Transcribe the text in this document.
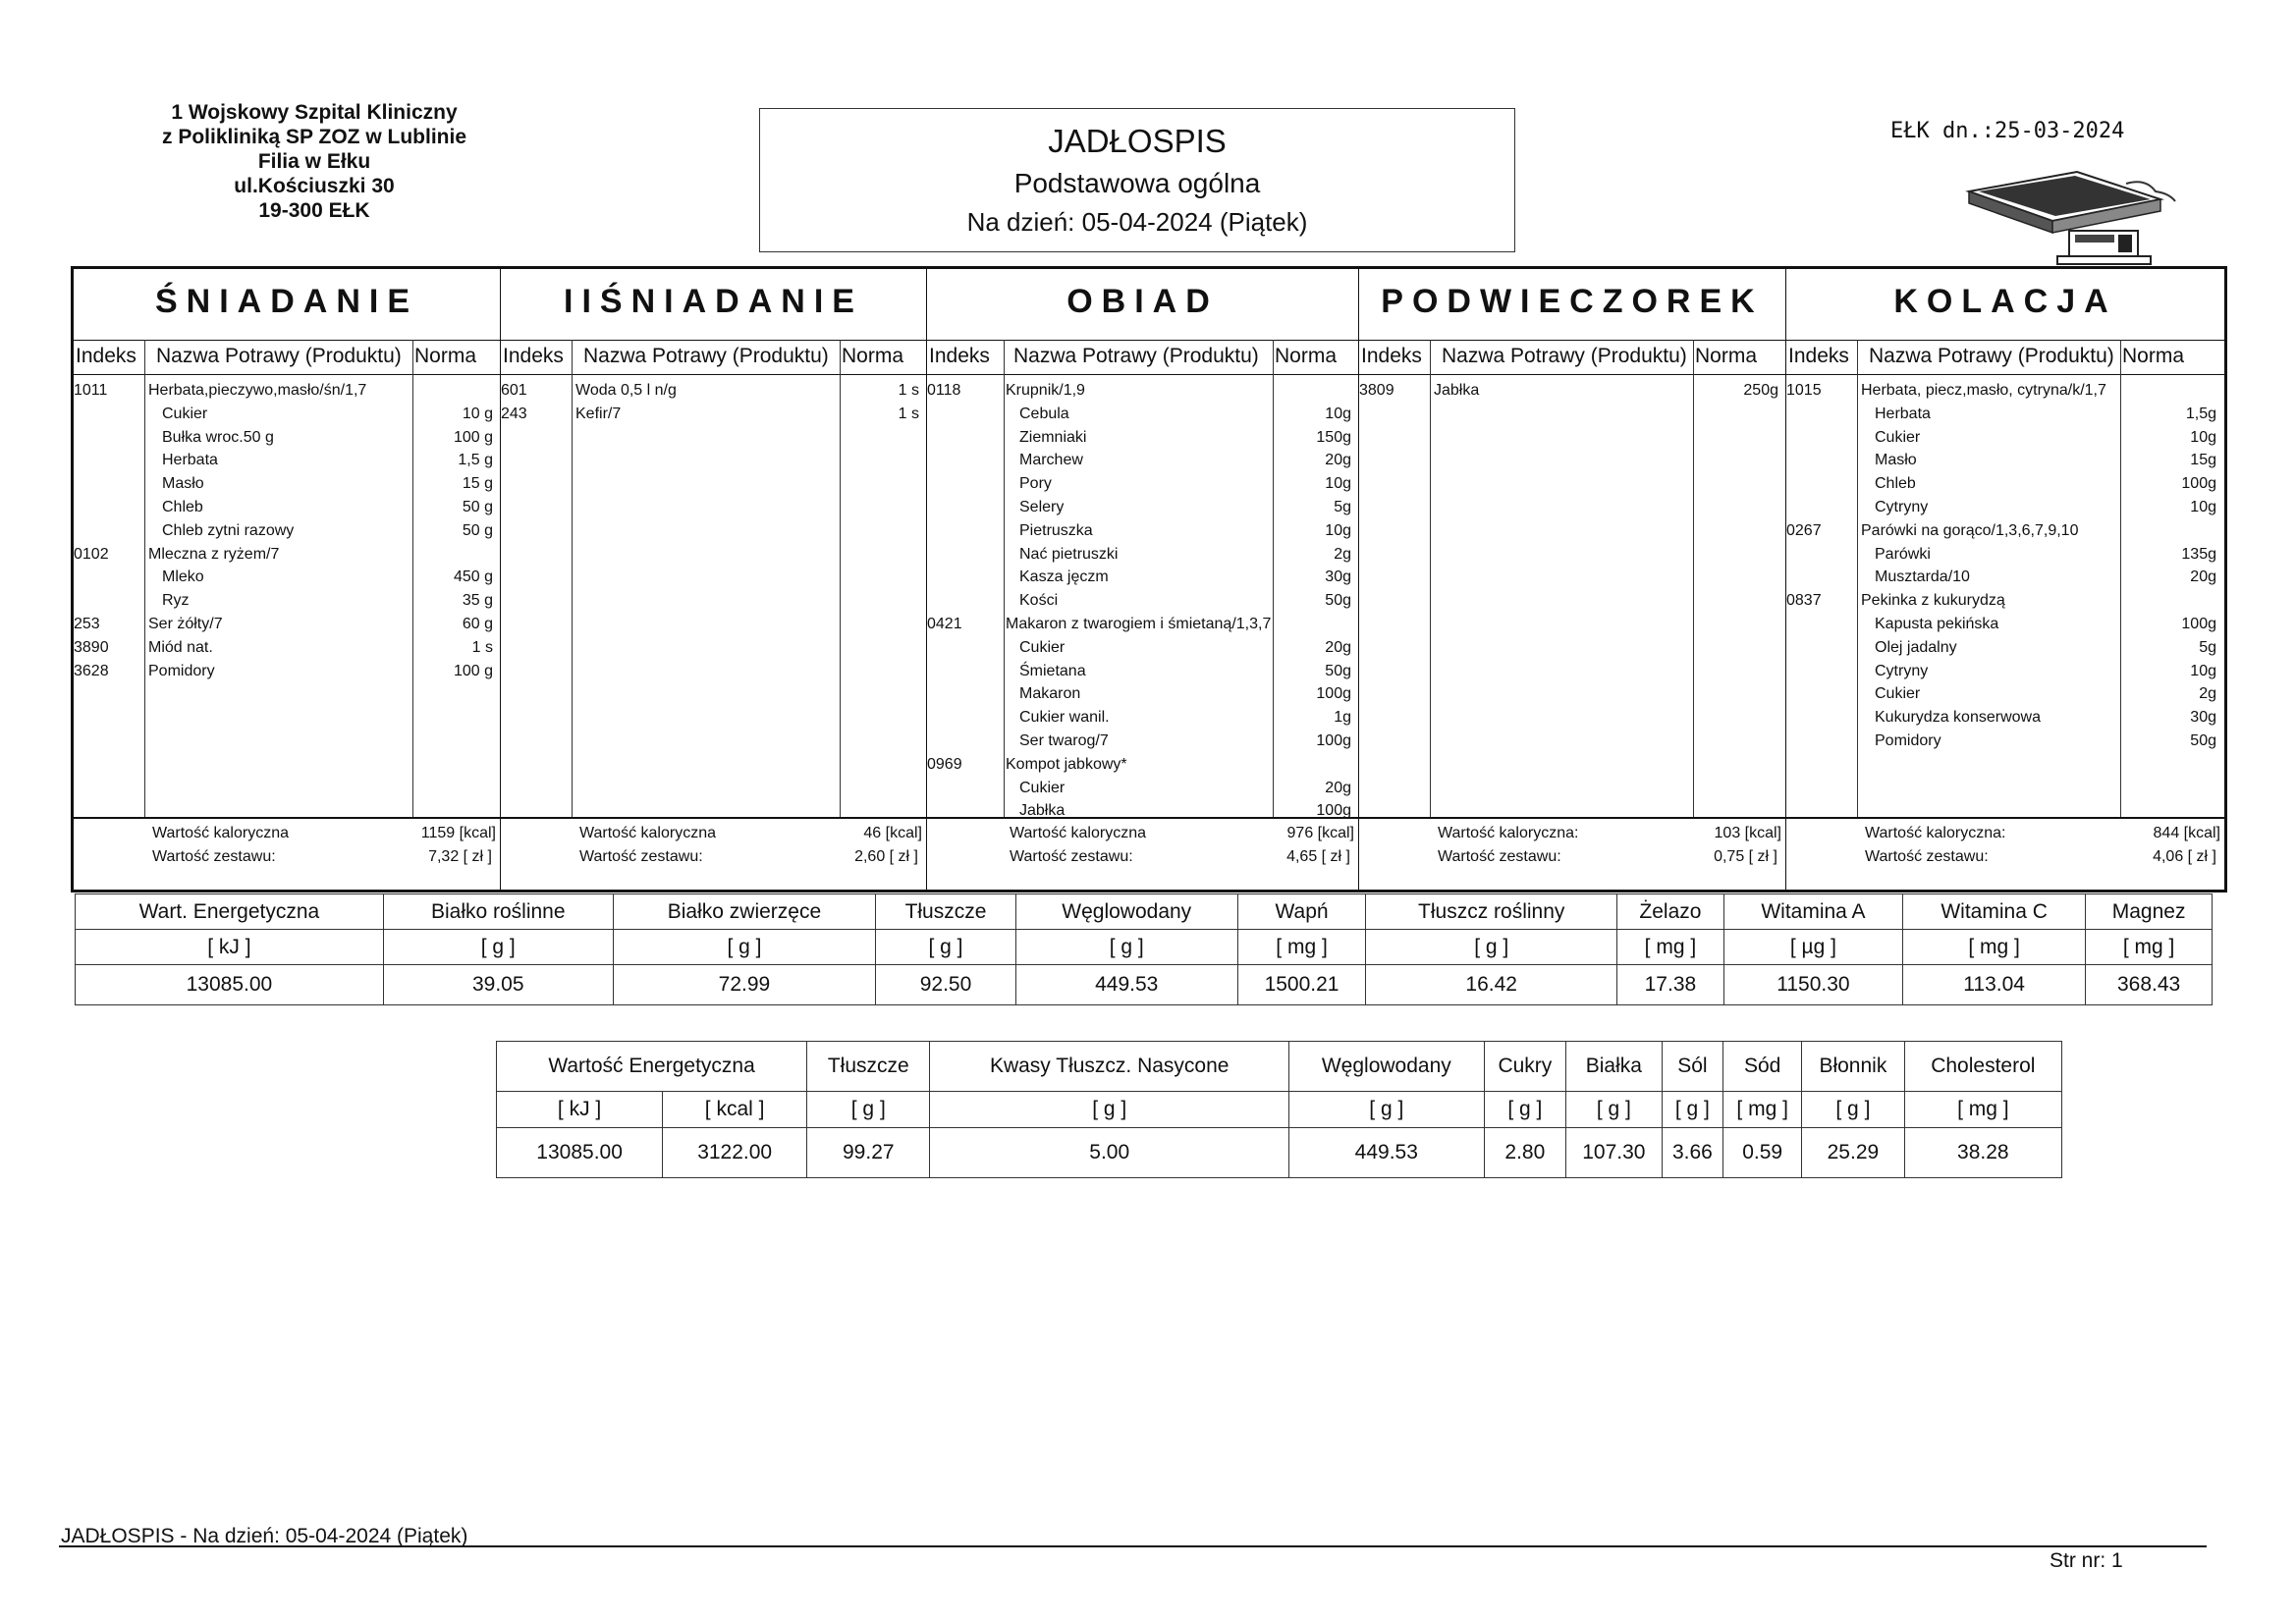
1 Wojskowy Szpital Kliniczny
z Polikliniką SP ZOZ w Lublinie
Filia w Ełku
ul.Kościuszki 30
19-300 EŁK
JADŁOSPIS
Podstawowa ogólna
Na dzień: 05-04-2024 (Piątek)
EŁK dn.:25-03-2024
ŚNIADANIE
Indeks Nazwa Potrawy (Produktu) Norma
1011	Herbata,pieczywo,masło/śn/1,7
Cukier	10 g
Bułka wroc.50 g	100 g
Herbata	1,5 g
Masło	15 g
Chleb	50 g
Chleb zytni razowy	50 g
0102	Mleczna z ryżem/7
Mleko	450 g
Ryz	35 g
253	Ser żółty/7	60 g
3890	Miód nat.	1 s
3628	Pomidory	100 g
Wartość kaloryczna	1159 [kcal]
Wartość zestawu:	7,32 [ zł ]
IIŚNIADANIE
Indeks Nazwa Potrawy (Produktu) Norma
601	Woda 0,5 l n/g	1 s
243	Kefir/7	1 s
Wartość kaloryczna	46 [kcal]
Wartość zestawu:	2,60 [ zł ]
OBIAD
Indeks Nazwa Potrawy (Produktu) Norma
0118	Krupnik/1,9
Cebula	10g
Ziemniaki	150g
Marchew	20g
Pory	10g
Selery	5g
Pietruszka	10g
Nać pietruszki	2g
Kasza jęczm	30g
Kości	50g
0421	Makaron z twarogiem i śmietaną/1,3,7
Cukier	20g
Śmietana	50g
Makaron	100g
Cukier wanil.	1g
Ser twarog/7	100g
0969	Kompot jabkowy*
Cukier	20g
Jabłka	100g
Wartość kaloryczna	976 [kcal]
Wartość zestawu:	4,65 [ zł ]
PODWIECZOREK
Indeks Nazwa Potrawy (Produktu) Norma
3809	Jabłka	250g
Wartość kaloryczna:	103 [kcal]
Wartość zestawu:	0,75 [ zł ]
KOLACJA
Indeks Nazwa Potrawy (Produktu) Norma
1015	Herbata, piecz,masło, cytryna/k/1,7
Herbata	1,5g
Cukier	10g
Masło	15g
Chleb	100g
Cytryny	10g
0267	Parówki na gorąco/1,3,6,7,9,10
Parówki	135g
Musztarda/10	20g
0837	Pekinka z kukurydzą
Kapusta pekińska	100g
Olej jadalny	5g
Cytryny	10g
Cukier	2g
Kukurydza konserwowa	30g
Pomidory	50g
Wartość kaloryczna:	844 [kcal]
Wartość zestawu:	4,06 [ zł ]
Wart. Energetyczna	Białko roślinne	Białko zwierzęce	Tłuszcze	Węglowodany	Wapń	Tłuszcz roślinny	Żelazo	Witamina A	Witamina C	Magnez
[ kJ ]	[ g ]	[ g ]	[ g ]	[ g ]	[ mg ]	[ g ]	[ mg ]	[ µg ]	[ mg ]	[ mg ]
13085.00	39.05	72.99	92.50	449.53	1500.21	16.42	17.38	1150.30	113.04	368.43
Wartość Energetyczna		Tłuszcze	Kwasy Tłuszcz. Nasycone	Węglowodany	Cukry	Białka	Sól	Sód	Błonnik	Cholesterol
[ kJ ]	[ kcal ]	[ g ]	[ g ]	[ g ]	[ g ]	[ g ]	[ g ]	[ mg ]	[ g ]	[ mg ]
13085.00	3122.00	99.27	5.00	449.53	2.80	107.30	3.66	0.59	25.29	38.28
JADŁOSPIS - Na dzień: 05-04-2024 (Piątek)
Str nr: 1
